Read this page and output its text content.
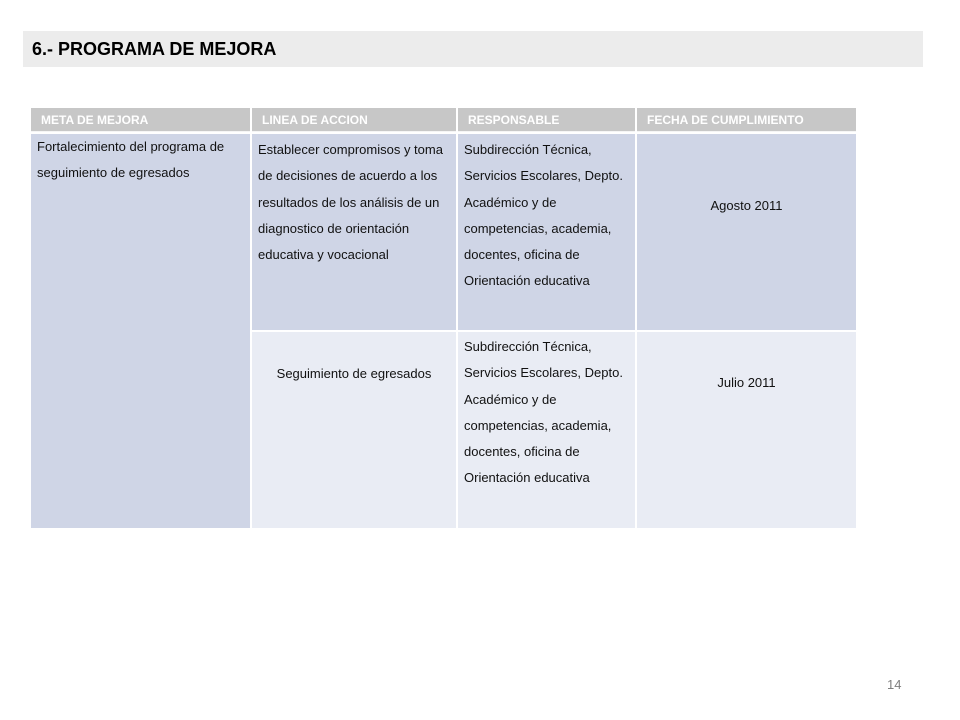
6.- PROGRAMA DE MEJORA
META DE MEJORA	LINEA DE ACCION	RESPONSABLE	FECHA DE CUMPLIMIENTO
Fortalecimiento del programa de seguimiento de egresados	Establecer compromisos y toma de decisiones de acuerdo a los resultados de los análisis de un diagnostico de orientación educativa y vocacional	Subdirección Técnica, Servicios Escolares, Depto. Académico y de competencias, academia, docentes, oficina de Orientación educativa	Agosto 2011

	Seguimiento de egresados	Subdirección Técnica, Servicios Escolares, Depto. Académico y de competencias, academia, docentes, oficina de Orientación educativa	Julio 2011
14
